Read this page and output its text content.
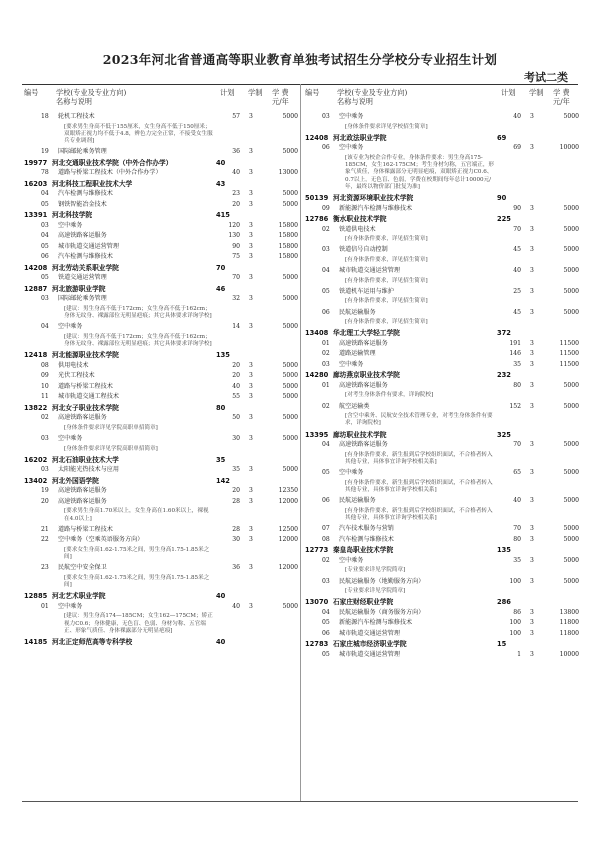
2023年河北省普通高等职业教育单独考试招生分学校分专业招生计划
考试二类
编号 学校(专业及专业方向)
名称与说明
计划 学制 学 费
元/年
18	轮机工程技术	57	3	5000
[要求男生身高不低于155厘米，女生身高不低于150厘米；双眼矫正视力均不低于4.8，辨色力完全正常，不接受女生服兵专业调剂]
19	国际邮轮乘务管理	36	3	5000
19977 河北交通职业技术学院（中外合作办学）	40
78	道路与桥梁工程技术（中外合作办学）	40	3	13000
16203 河北科技工程职业技术大学	43
04	汽车检测与维修技术	23	3	5000
05	钢铁智能冶金技术	20	3	5000
13391 河北科技学院	415
03	空中乘务	120	3	15800
04	高速铁路客运服务	130	3	15800
05	城市轨道交通运营管理	90	3	15800
06	汽车检测与维修技术	75	3	15800
14208 河北劳动关系职业学院	70
05	铁道交通运营管理	70	3	5000
12887 河北旅游职业学院	46
03	国际邮轮乘务管理	32	3	5000
[建议：男生身高不低于172cm；女生身高不低于162cm；身体无纹身、裸露部位无明显疤痕；其它具体要求详询学校]
04	空中乘务	14	3	5000
[建议：男生身高不低于172cm；女生身高不低于162cm；身体无纹身、裸露部位无明显疤痕；其它具体要求详询学校]
12418 河北能源职业技术学院	135
08	供用电技术	20	3	5000
09	光伏工程技术	20	3	5000
10	道路与桥梁工程技术	40	3	5000
11	城市轨道交通工程技术	55	3	5000
13822 河北女子职业技术学院	80
02	高速铁路客运服务	50	3	5000
[身体条件要求详见学院高职单招简章]
03	空中乘务	30	3	5000
[身体条件要求详见学院高职单招简章]
16202 河北石油职业技术大学	35
03	太阳能光热技术与应用	35	3	5000
13402 河北外国语学院	142
19	高速铁路客运服务	20	3	12350
20	高速铁路客运服务	28	3	12000
[要求男生身高1.70米以上，女生身高在1.60米以上，裸视在4.0以上]
21	道路与桥梁工程技术	28	3	12500
22	空中乘务（空乘英语服务方向）	30	3	12000
[要求女生身高1.62-1.75米之间，男生身高1.75-1.85米之间]
23	民航空中安全保卫	36	3	12000
[要求女生身高1.62-1.75米之间，男生身高1.75-1.85米之间]
12885 河北艺术职业学院	40
01	空中乘务	40	3	5000
[建议：男生身高174—185CM；女生162—175CM；矫正视力C0.6；身体健康，无色盲、色弱、身材匀称、五官端正、形象气质佳、身体裸露部分无明显疤痕]
14185 河北正定师范高等专科学校	40
编号 学校(专业及专业方向)
名称与说明
计划 学制 学 费
元/年
03	空中乘务	40	3	5000
[身体条件要求详见学校招生简章]
12408 河北政法职业学院	69
06	空中乘务	69	3	10000
[该专业为校企合作专业，身体条件要求：男生身高175-185CM，女生162-175CM；考生身材匀称，五官端正，形象气质佳，身体裸露部分无明显疤痕，双眼矫正视力C0.6、0.7以上，无色盲、色弱，学费在校期间每年总计10000元/年，最终以物价部门批复为准]
50139 河北资源环境职业技术学院	90
09	新能源汽车检测与维修技术	90	3	5000
12786 衡水职业技术学院	225
02	铁道供电技术	70	3	5000
[有身体条件要求，详见招生简章]
03	铁道信号自动控制	45	3	5000
[有身体条件要求，详见招生简章]
04	城市轨道交通运营管理	40	3	5000
[有身体条件要求，详见招生简章]
05	铁道机车运用与维护	25	3	5000
[有身体条件要求，详见招生简章]
06	民航运输服务	45	3	5000
[有身体条件要求，详见招生简章]
13408 华北理工大学轻工学院	372
01	高速铁路客运服务	191	3	11500
02	道路运输管理	146	3	11500
03	空中乘务	35	3	11500
14280 廊坊燕京职业技术学院	232
01	高速铁路客运服务	80	3	5000
[对考生身体条件有要求，详询院校]
02	航空运输类	152	3	5000
[含空中乘务、民航安全技术管理专业，对考生身体条件有要求，详询院校]
13395 廊坊职业技术学院	325
04	高速铁路客运服务	70	3	5000
[有身体条件要求，新生报到后学校组织面试，不合格者转入其他专业，具体事宜详询学校相关系]
05	空中乘务	65	3	5000
[有身体条件要求，新生报到后学校组织面试，不合格者转入其他专业，具体事宜详询学校相关系]
06	民航运输服务	40	3	5000
[有身体条件要求，新生报到后学校组织面试，不合格者转入其他专业，具体事宜详询学校相关系]
07	汽车技术服务与营销	70	3	5000
08	汽车检测与维修技术	80	3	5000
12773 秦皇岛职业技术学院	135
02	空中乘务	35	3	5000
[专业要求详见学院简章]
03	民航运输服务（地勤服务方向）	100	3	5000
[专业要求详见学院简章]
13070 石家庄财经职业学院	286
04	民航运输服务（商务服务方向）	86	3	13800
05	新能源汽车检测与维修技术	100	3	11800
06	城市轨道交通运营管理	100	3	11800
12783 石家庄城市经济职业学院	15
05	城市轨道交通运营管理	1	3	10000
